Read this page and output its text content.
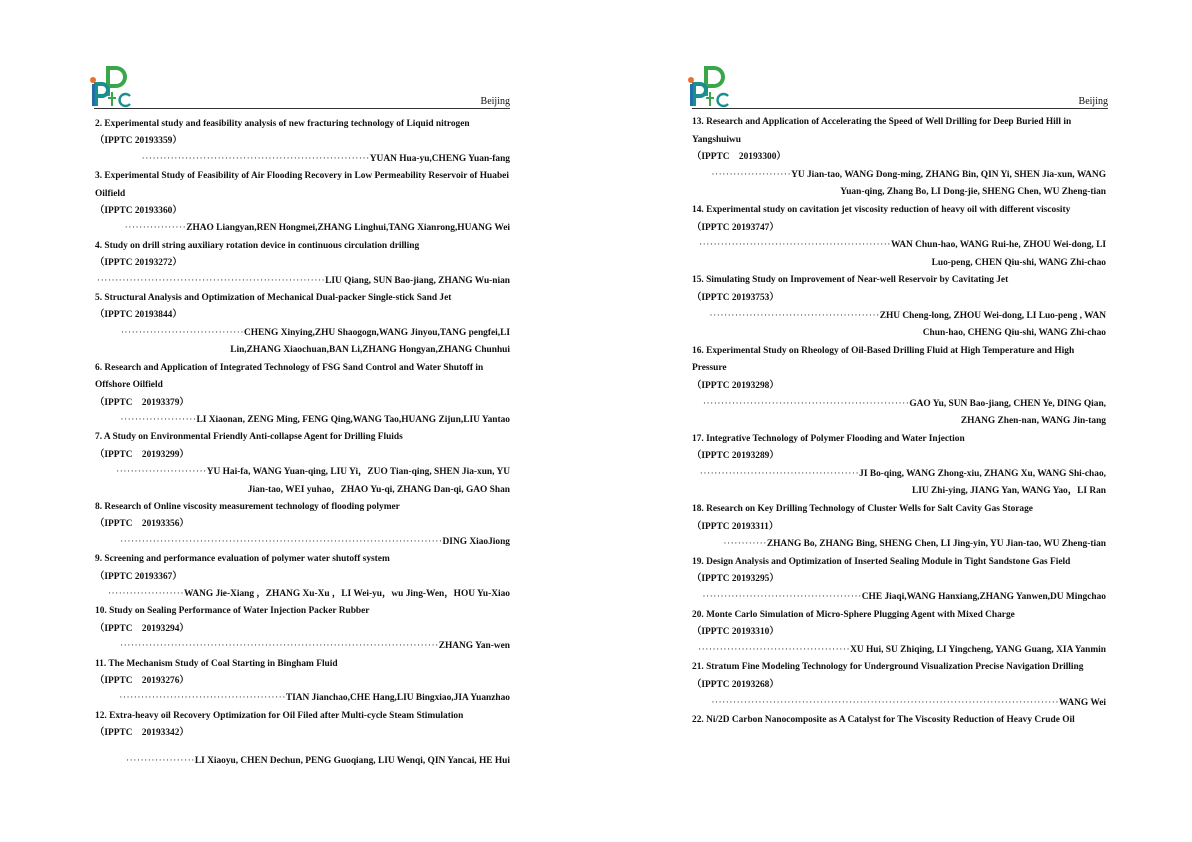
Beijing
2. Experimental study and feasibility analysis of new fracturing technology of Liquid nitrogen
（IPPTC 20193359）
·······························································YUAN Hua-yu,CHENG Yuan-fang
3. Experimental Study of Feasibility of Air Flooding Recovery in Low Permeability Reservoir of Huabei Oilfield
（IPPTC 20193360）
·················ZHAO Liangyan,REN Hongmei,ZHANG Linghui,TANG Xianrong,HUANG Wei
4. Study on drill string auxiliary rotation device in continuous circulation drilling
（IPPTC 20193272）
·······························································LIU Qiang, SUN Bao-jiang, ZHANG Wu-nian
5. Structural Analysis and Optimization of Mechanical Dual-packer Single-stick Sand Jet
（IPPTC 20193844）
··································CHENG Xinying,ZHU Shaogogn,WANG Jinyou,TANG pengfei,LI Lin,ZHANG Xiaochuan,BAN Li,ZHANG Hongyan,ZHANG Chunhui
6. Research and Application of Integrated Technology of FSG Sand Control and Water Shutoff in Offshore Oilfield
（IPPTC　20193379）
·····················LI Xiaonan, ZENG Ming, FENG Qing,WANG Tao,HUANG Zijun,LIU Yantao
7. A Study on Environmental Friendly Anti-collapse Agent for Drilling Fluids
（IPPTC　20193299）
·························YU Hai-fa, WANG Yuan-qing, LIU Yi，ZUO Tian-qing, SHEN Jia-xun, YU Jian-tao, WEI yuhao，ZHAO Yu-qi, ZHANG Dan-qi, GAO Shan
8. Research of Online viscosity measurement technology of flooding polymer
（IPPTC　20193356）
·························································································DING XiaoJiong
9. Screening and performance evaluation of polymer water shutoff system
（IPPTC 20193367）
·····················WANG Jie-Xiang ，ZHANG Xu-Xu ，LI Wei-yu，wu Jing-Wen，HOU Yu-Xiao
10. Study on Sealing Performance of Water Injection Packer Rubber
（IPPTC　20193294）
························································································ZHANG Yan-wen
11. The Mechanism Study of Coal Starting in Bingham Fluid
（IPPTC　20193276）
··············································TIAN Jianchao,CHE Hang,LIU Bingxiao,JIA Yuanzhao
12. Extra-heavy oil Recovery Optimization for Oil Filed after Multi-cycle Steam Stimulation
（IPPTC　20193342）
···················LI Xiaoyu, CHEN Dechun, PENG Guoqiang, LIU Wenqi, QIN Yancai, HE Hui
Beijing
13. Research and Application of Accelerating the Speed of Well Drilling for Deep Buried Hill in Yangshuiwu
（IPPTC　20193300）
······················YU Jian-tao, WANG Dong-ming, ZHANG Bin, QIN Yi, SHEN Jia-xun, WANG Yuan-qing, Zhang Bo, LI Dong-jie, SHENG Chen, WU Zheng-tian
14. Experimental study on cavitation jet viscosity reduction of heavy oil with different viscosity
（IPPTC 20193747）
·····················································WAN Chun-hao, WANG Rui-he, ZHOU Wei-dong, LI Luo-peng, CHEN Qiu-shi, WANG Zhi-chao
15. Simulating Study on Improvement of Near-well Reservoir by Cavitating Jet
（IPPTC 20193753）
···············································ZHU Cheng-long, ZHOU Wei-dong, LI Luo-peng , WAN Chun-hao, CHENG Qiu-shi, WANG Zhi-chao
16. Experimental Study on Rheology of Oil-Based Drilling Fluid at High Temperature and High Pressure
（IPPTC 20193298）
·························································GAO Yu, SUN Bao-jiang, CHEN Ye, DING Qian, ZHANG Zhen-nan, WANG Jin-tang
17. Integrative Technology of Polymer Flooding and Water Injection
（IPPTC 20193289）
············································JI Bo-qing, WANG Zhong-xiu, ZHANG Xu, WANG Shi-chao, LIU Zhi-ying, JIANG Yan, WANG Yao，LI Ran
18. Research on Key Drilling Technology of Cluster Wells for Salt Cavity Gas Storage
（IPPTC 20193311）
············ZHANG Bo, ZHANG Bing, SHENG Chen, LI Jing-yin, YU Jian-tao, WU Zheng-tian
19. Design Analysis and Optimization of Inserted Sealing Module in Tight Sandstone Gas Field
（IPPTC 20193295）
············································CHE Jiaqi,WANG Hanxiang,ZHANG Yanwen,DU Mingchao
20. Monte Carlo Simulation of Micro-Sphere Plugging Agent with Mixed Charge
（IPPTC 20193310）
··········································XU Hui, SU Zhiqing, LI Yingcheng, YANG Guang, XIA Yanmin
21. Stratum Fine Modeling Technology for Underground Visualization Precise Navigation Drilling
（IPPTC 20193268）
································································································WANG Wei
22. Ni/2D Carbon Nanocomposite as A Catalyst for The Viscosity Reduction of Heavy Crude Oil
